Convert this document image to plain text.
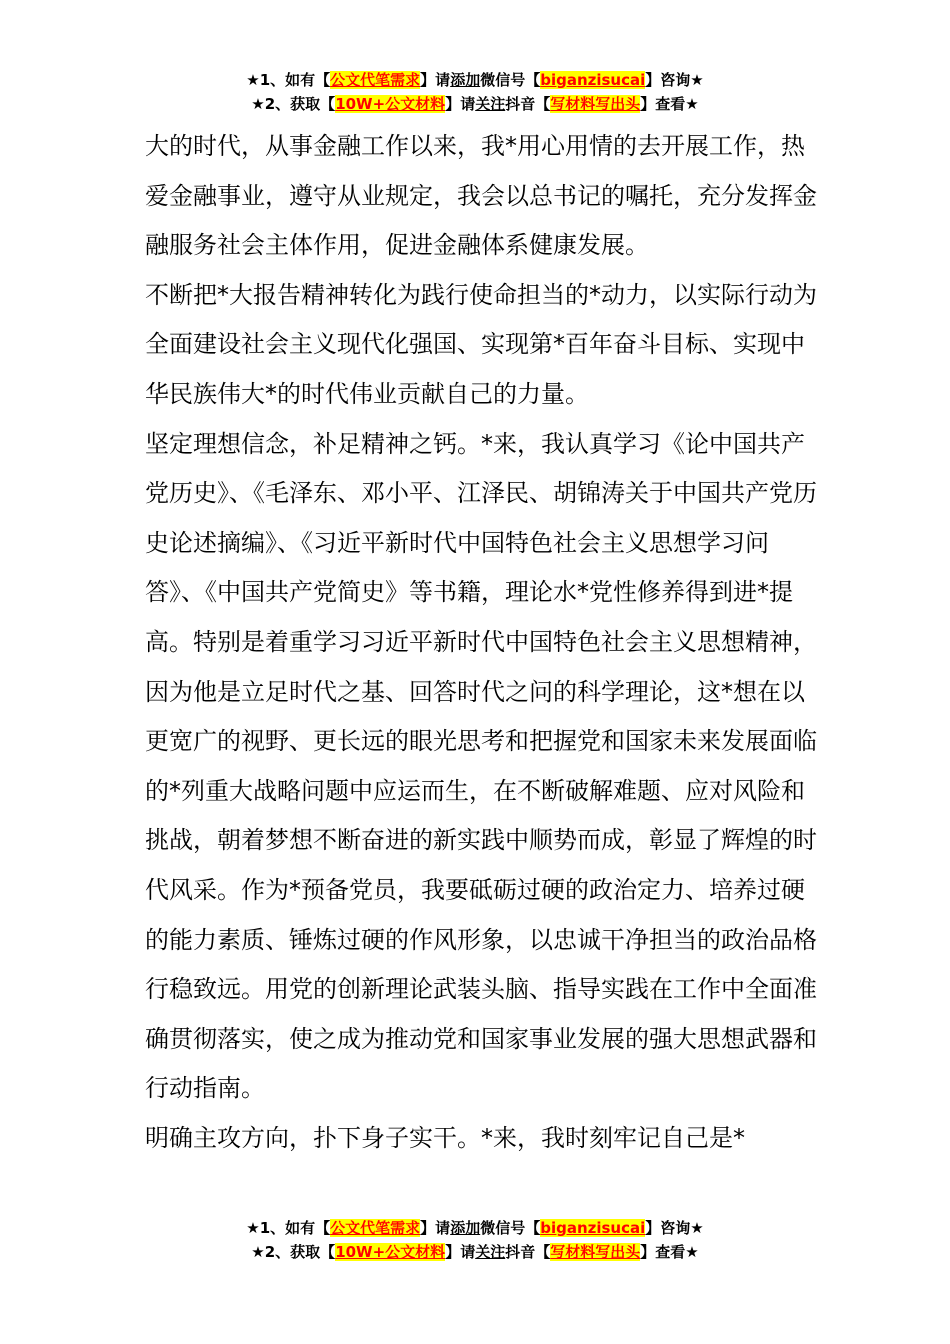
★1、如有【公文代笔需求】请添加微信号【biganzisucai】咨询★
★2、获取【10W+公文材料】请关注抖音【写材料写出头】查看★

大的时代，从事金融工作以来，我*用心用情的去开展工作，热爱金融事业，遵守从业规定，我会以总书记的嘱托，充分发挥金融服务社会主体作用，促进金融体系健康发展。

不断把*大报告精神转化为践行使命担当的*动力，以实际行动为全面建设社会主义现代化强国、实现第*百年奋斗目标、实现中华民族伟大*的时代伟业贡献自己的力量。

坚定理想信念，补足精神之钙。*来，我认真学习《论中国共产党历史》、《毛泽东、邓小平、江泽民、胡锦涛关于中国共产党历史论述摘编》、《习近平新时代中国特色社会主义思想学习问答》、《中国共产党简史》等书籍，理论水*党性修养得到进*提高。特别是着重学习习近平新时代中国特色社会主义思想精神，因为他是立足时代之基、回答时代之问的科学理论，这*想在以更宽广的视野、更长远的眼光思考和把握党和国家未来发展面临的*列重大战略问题中应运而生，在不断破解难题、应对风险和挑战，朝着梦想不断奋进的新实践中顺势而成，彰显了辉煌的时代风采。作为*预备党员，我要砥砺过硬的政治定力、培养过硬的能力素质、锤炼过硬的作风形象，以忠诚干净担当的政治品格行稳致远。用党的创新理论武装头脑、指导实践在工作中全面准确贯彻落实，使之成为推动党和国家事业发展的强大思想武器和行动指南。

明确主攻方向，扑下身子实干。*来，我时刻牢记自己是*

★1、如有【公文代笔需求】请添加微信号【biganzisucai】咨询★
★2、获取【10W+公文材料】请关注抖音【写材料写出头】查看★
